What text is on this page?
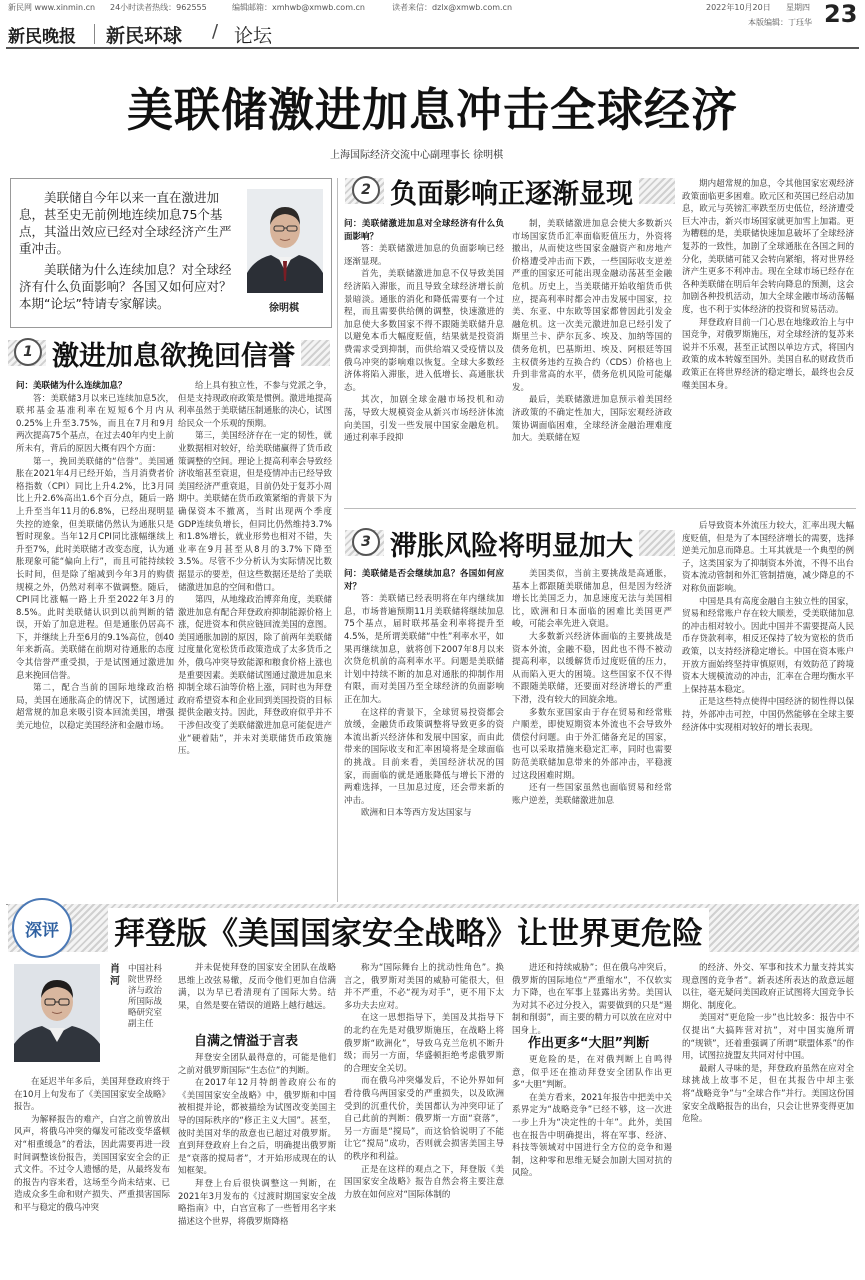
新民网 www.xinmin.cn 24小时读者热线：962555	编辑邮箱：xmhwb@xmwb.com.cn	读者来信：dzlx@xmwb.com.cn	2022年10月20日 星期四 23
本版编辑：丁珏华
新民晚报 新民环球 / 论坛
美联储激进加息冲击全球经济
上海国际经济交流中心副理事长 徐明棋
美联储自今年以来一直在激进加息，甚至史无前例地连续加息75个基点，其溢出效应已经对全球经济产生严重冲击。
美联储为什么连续加息？对全球经济有什么负面影响？各国又如何应对？本期“论坛”特请专家解读。	徐明棋
1 激进加息欲挽回信誉

问：美联储为什么连续加息？

答：美联储3月以来已连续加息5次，联邦基金基准利率在短短6个月内从0.25%上升至3.75%，而且在7月和9月两次提高75个基点，在过去40年内史上前所未有，背后的原因大概有四个方面：

第一，挽回美联储的“信誉”。美国通胀在2021年4月已经开始，当月消费者价格指数（CPI）同比上升4.2%，比3月同比上升2.6%高出1.6个百分点，随后一路上升至当年11月的6.8%，已经出现明显失控的迹象，但美联储仍然认为通胀只是暂时现象。当年12月CPI同比涨幅继续上升至7%，此时美联储才改变态度，认为通胀现象可能“偏向上行”，而且可能持续较长时间，但是除了缩减到今年3月的购债规模之外，仍然对利率不做调整。随后，CPI同比涨幅一路上升至2022年3月的8.5%。此时美联储认识到以前判断的错误，开始了加息进程。但是通胀仍居高不下，并继续上升至6月的9.1%高位，创40年来新高。美联储在前期对待通胀的态度令其信誉严重受损，于是试图通过激进加息来挽回信誉。

第二，配合当前的国际地缘政治格局，美国在通胀高企的情况下，试图通过超常规的加息来吸引资本回流美国，增强美元地位，以稳定美国经济和金融市场。

给上具有独立性，不参与党派之争，但是支持现政府政策是惯例。激进地提高利率虽然于美联储压制通胀的决心，试图给民众一个乐观的预期。

第三，美国经济存在一定的韧性，就业数据相对较好，给美联储赢得了货币政策调整的空间。理论上提高利率会导致经济收缩甚至衰退，但是疫情冲击已经导致美国经济严重衰退，目前仍处于复苏小周期中。美联储在货币政策紧缩的背景下为确保资本不撤离，当时出现两个季度GDP连续负增长，但同比仍然维持3.7%和1.8%增长，就业形势也相对不错，失业率在9月甚至从8月的3.7%下降至3.5%。尽管不少分析认为实际情况比数据显示的要差，但这些数据还是给了美联储激进加息的空间和借口。

第四，从地缘政治博弈角度，美联储激进加息有配合拜登政府抑制能源价格上涨，促进资本和供应链回流美国的意图。美国通胀加剧的原因，除了前两年美联储过度量化宽松货币政策造成了太多货币之外，俄乌冲突导致能源和粮食价格上涨也是重要因素。美联储试图通过激进加息来抑制全球石油等价格上涨，同时也为拜登政府希望资本和企业回到美国投资的目标提供金融支持。因此，拜登政府似乎并不干涉但改变了美联储激进加息可能促进产业“硬着陆”，并未对美联储货币政策施压。

2 负面影响正逐渐显现

问：美联储激进加息对全球经济有什么负面影响？

答：美联储激进加息的负面影响已经逐渐显现。

首先，美联储激进加息不仅导致美国经济陷入滞胀，而且导致全球经济增长前景暗淡。通胀的消化和降低需要有一个过程，而且需要供给侧的调整，快速激进的加息使大多数国家不得不跟随美联储升息以避免本币大幅度贬值，结果就是投资消费需求受到抑制，而供给端又受疫情以及俄乌冲突的影响难以恢复。全球大多数经济体将陷入滞胀，进入低增长、高通胀状态。

其次，加剧全球金融市场投机和动荡，导致大规模资金从新兴市场经济体流向美国，引发一些发展中国家金融危机。通过利率手段抑

制，美联储激进加息会使大多数新兴市场国家货币汇率面临贬值压力，外资将撤出，从而使这些国家金融资产和房地产价格遭受冲击而下跌，一些国际收支逆差严重的国家还可能出现金融动荡甚至金融危机。历史上，当美联储开始收缩货币供应，提高利率时都会冲击发展中国家，拉美、东亚、中东欧等国家都曾因此引发金融危机。这一次美元激进加息已经引发了斯里兰卡、萨尔瓦多、埃及、加纳等国的债务危机，巴基斯坦、埃及、阿根廷等国主权债务违约互换合约（CDS）价格也上升到非常高的水平，债务危机风险可能爆发。

最后，美联储激进加息预示着美国经济政策的不确定性加大，国际宏观经济政策协调面临困难，全球经济金融治理难度加大。美联储在短

期内超常规的加息，令其他国家宏观经济政策面临更多困难。欧元区和英国已经启动加息，欧元与英镑汇率跌至历史低位，经济遭受巨大冲击，新兴市场国家就更加雪上加霜。更为糟糕的是，美联储快速加息破坏了全球经济复苏的一致性，加剧了全球通胀在各国之间的分化，美联储可能又会转向紧缩，将对世界经济产生更多不利冲击。现在全球市场已经存在各种美联储在明后年会转向降息的预测，这会加剧各种投机活动，加大全球金融市场动荡幅度，也不利于实体经济的投资和贸易活动。

拜登政府目前一门心思在地缘政治上与中国竞争，对俄罗斯施压，对全球经济的复苏来说并不乐观，甚至正试图以单边方式，将国内政策的成本转嫁至国外。美国自私的财政货币政策正在将世界经济的稳定增长，最终也会反噬美国本身。

3 滞胀风险将明显加大

问：美联储是否会继续加息？各国如何应对？

答：美联储已经表明将在年内继续加息，市场普遍预期11月美联储将继续加息75个基点，届时联邦基金利率将提升至4.5%，是所谓美联储“中性”利率水平，如果再继续加息，就将创下2007年8月以来次贷危机前的高利率水平。问题是美联储计划中持续不断的加息对通胀的抑制作用有限，而对美国乃至全球经济的负面影响正在加大。

在这样的背景下，全球贸易投资都会放缓，金融货币政策调整将导致更多的资本流出新兴经济体和发展中国家，而由此带来的国际收支和汇率困境将是全球面临的挑战。目前来看，美国经济状况的国家，而面临的就是通胀降低与增长下滑的两难选择，一旦加息过度，还会带来新的冲击。

欧洲和日本等西方发达国家与

美国类似，当前主要挑战是高通胀，基本上都跟随美联储加息，但是因为经济增长比美国乏力，加息速度无法与美国相比，欧洲和日本面临的困难比美国更严峻，可能会率先进入衰退。

大多数新兴经济体面临的主要挑战是资本外流，金融不稳，因此也不得不被动提高利率，以缓解货币过度贬值的压力，从而陷入更大的困境。这些国家不仅不得不跟随美联储，还要面对经济增长的严重下滑，没有较大的回旋余地。

多数东亚国家由于存在贸易和经常账户顺差，即使短期资本外流也不会导致外债偿付问题。由于外汇储备充足的国家，也可以采取措施来稳定汇率，同时也需要防范美联储加息带来的外部冲击，平稳渡过这段困难时期。

还有一些国家虽然也面临贸易和经常账户逆差，美联储激进加息

后导致资本外流压力较大，汇率出现大幅度贬值，但是为了本国经济增长的需要，选择逆美元加息而降息。土耳其就是一个典型的例子，这类国家为了抑制资本外流，不得不出台资本流动管制和外汇管制措施，减少降息的不对称负面影响。

中国是具有高度金融自主独立性的国家，贸易和经常账户存在较大顺差，受美联储加息的冲击相对较小。因此中国并不需要提高人民币存贷款利率，相反还保持了较为宽松的货币政策，以支持经济稳定增长。中国在资本账户开放方面始终坚持审慎原则，有效防范了跨境资本大规模流动的冲击，汇率在合理均衡水平上保持基本稳定。

正是这些特点使得中国经济的韧性得以保持，外部冲击可控，中国仍然能够在全球主要经济体中实现相对较好的增长表现。

深评 拜登版《美国国家安全战略》让世界更危险
肖河
中国社科院世界经济与政治所国际战略研究室副主任

在延迟半年多后，美国拜登政府终于在10月上旬发布了《美国国家安全战略》报告。

为解释报告的难产，白宫之前曾放出风声，将俄乌冲突的爆发可能改变华盛顿对“相重缓急”的看法，因此需要再进一段时间调整该份报告，美国国家安全会的正式文件。不过令人遗憾的是，从最终发布的报告内容来看，这场至今尚未结束、已造成众多生命和财产损失、严重损害国际和平与稳定的俄乌冲突

并未促使拜登的国家安全团队在战略思维上改弦易辙，反而令他们更加自信满满，以为早已看清现有了国际大势。结果，自然是要在错误的道路上越行越远。

自满之情溢于言表

拜登安全团队最得意的，可能是他们之前对俄罗斯国际“生态位”的判断。

在2017年12月特朗普政府公布的《美国国家安全战略》中，俄罗斯和中国被相提并论，都被描绘为试图改变美国主导的国际秩序的“修正主义大国”。甚至，彼时美国对华的敌意也已超过对俄罗斯。直到拜登政府上台之后，明确提出俄罗斯是“衰落的搅局者”，才开始形成现在的认知框架。

拜登上台后很快调整这一判断，在2021年3月发布的《过渡时期国家安全战略指南》中，白宫宣称了一些暂用名字来描述这个世界，将俄罗斯降格

称为“国际舞台上的扰动性角色”。换言之，俄罗斯对美国的威胁可能很大，但并不严重，不必“视为对手”，更不用下太多功夫去应对。

在这一思想指导下，美国及其指导下的北约在先是对俄罗斯施压，在战略上将俄罗斯“欧洲化”，导致乌克兰危机不断升级；而另一方面，华盛顿拒绝考虑俄罗斯的合理安全关切。

而在俄乌冲突爆发后，不论外界如何看待俄乌两国家受的严重损失，以及欧洲受到的沉重代价，美国都认为冲突印证了自己此前的判断：俄罗斯一方面“衰落”，另一方面是“搅局”，而这恰恰说明了不能让它“搅局”成功，否则就会损害美国主导的秩序和利益。

正是在这样的观点之下，拜登版《美国国家安全战略》报告自然会将主要注意力放在如何应对“国际体制的

进还和持续威胁”；但在俄乌冲突后，俄罗斯的国际地位“严重缩水”，不仅软实力下降，也在军事上显露出劣势。美国认为对其不必过分投入，需要做到的只是“遏制和削弱”，而主要的精力可以放在应对中国身上。

作出更多“大胆”判断

更危险的是，在对俄判断上自鸣得意，似乎还在推动拜登安全团队作出更多“大胆”判断。

在美方看来，2021年报告中把美中关系界定为“战略竞争”已经不够，这一次进一步上升为“决定性的十年”。此外，美国也在报告中明确提出，将在军事、经济、科技等领域对中国进行全方位的竞争和遏制，这种零和思维无疑会加剧大国对抗的风险。

的经济、外交、军事和技术力量支持其实现意图的竞争者”。新表述所表达的敌意远超以往，毫无疑问美国政府正试图将大国竞争长期化、制度化。

美国对“更危险一步”也比较多：报告中不仅提出“大搞阵营对抗”，对中国实施所谓的“规锁”，还着重强调了所谓“联盟体系”的作用，试图拉拢盟友共同对付中国。

最耐人寻味的是，拜登政府虽然在应对全球挑战上故事不足，但在其报告中却主张将“战略竞争”与“全球合作”并行。美国这份国家安全战略报告的出台，只会让世界变得更加危险。
